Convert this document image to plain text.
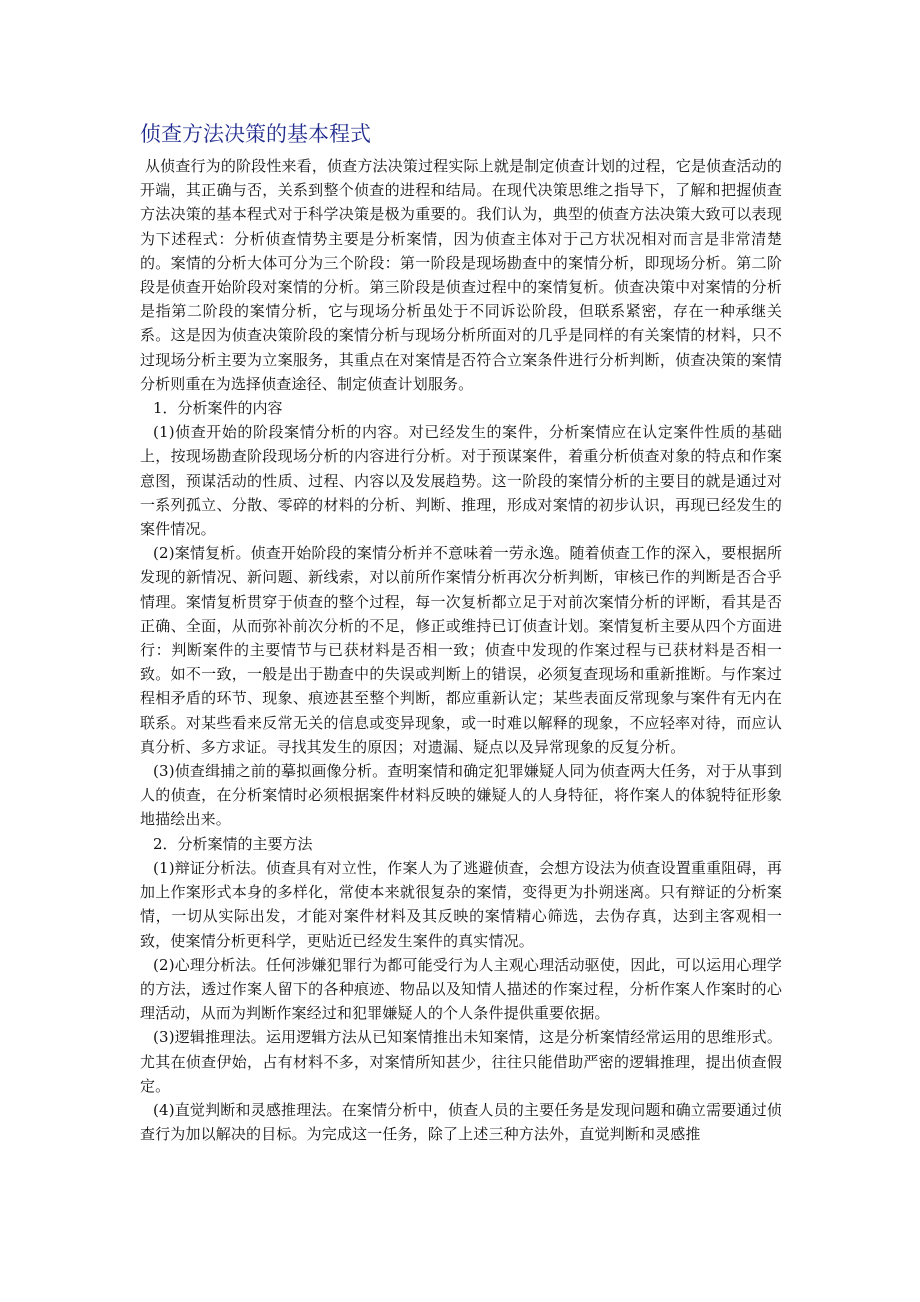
侦查方法决策的基本程式

从侦查行为的阶段性来看，侦查方法决策过程实际上就是制定侦查计划的过程，它是侦查活动的开端，其正确与否，关系到整个侦查的进程和结局。在现代决策思维之指导下，了解和把握侦查方法决策的基本程式对于科学决策是极为重要的。我们认为，典型的侦查方法决策大致可以表现为下述程式：分析侦查情势主要是分析案情，因为侦查主体对于己方状况相对而言是非常清楚的。案情的分析大体可分为三个阶段：第一阶段是现场勘查中的案情分析，即现场分析。第二阶段是侦查开始阶段对案情的分析。第三阶段是侦查过程中的案情复析。侦查决策中对案情的分析是指第二阶段的案情分析，它与现场分析虽处于不同诉讼阶段，但联系紧密，存在一种承继关系。这是因为侦查决策阶段的案情分析与现场分析所面对的几乎是同样的有关案情的材料，只不过现场分析主要为立案服务，其重点在对案情是否符合立案条件进行分析判断，侦查决策的案情分析则重在为选择侦查途径、制定侦查计划服务。

1．分析案件的内容

(1)侦查开始的阶段案情分析的内容。对已经发生的案件，分析案情应在认定案件性质的基础上，按现场勘查阶段现场分析的内容进行分析。对于预谋案件，着重分析侦查对象的特点和作案意图，预谋活动的性质、过程、内容以及发展趋势。这一阶段的案情分析的主要目的就是通过对一系列孤立、分散、零碎的材料的分析、判断、推理，形成对案情的初步认识，再现已经发生的案件情况。

(2)案情复析。侦查开始阶段的案情分析并不意味着一劳永逸。随着侦查工作的深入，要根据所发现的新情况、新问题、新线索，对以前所作案情分析再次分析判断，审核已作的判断是否合乎情理。案情复析贯穿于侦查的整个过程，每一次复析都立足于对前次案情分析的评断，看其是否正确、全面，从而弥补前次分析的不足，修正或维持已订侦查计划。案情复析主要从四个方面进行：判断案件的主要情节与已获材料是否相一致；侦查中发现的作案过程与已获材料是否相一致。如不一致，一般是出于勘查中的失误或判断上的错误，必须复查现场和重新推断。与作案过程相矛盾的环节、现象、痕迹甚至整个判断，都应重新认定；某些表面反常现象与案件有无内在联系。对某些看来反常无关的信息或变异现象，或一时难以解释的现象，不应轻率对待，而应认真分析、多方求证。寻找其发生的原因；对遗漏、疑点以及异常现象的反复分析。

(3)侦查缉捕之前的摹拟画像分析。查明案情和确定犯罪嫌疑人同为侦查两大任务，对于从事到人的侦查，在分析案情时必须根据案件材料反映的嫌疑人的人身特征，将作案人的体貌特征形象地描绘出来。

2．分析案情的主要方法

(1)辩证分析法。侦查具有对立性，作案人为了逃避侦查，会想方设法为侦查设置重重阻碍，再加上作案形式本身的多样化，常使本来就很复杂的案情，变得更为扑朔迷离。只有辩证的分析案情，一切从实际出发，才能对案件材料及其反映的案情精心筛选，去伪存真，达到主客观相一致，使案情分析更科学，更贴近已经发生案件的真实情况。

(2)心理分析法。任何涉嫌犯罪行为都可能受行为人主观心理活动驱使，因此，可以运用心理学的方法，透过作案人留下的各种痕迹、物品以及知情人描述的作案过程，分析作案人作案时的心理活动，从而为判断作案经过和犯罪嫌疑人的个人条件提供重要依据。

(3)逻辑推理法。运用逻辑方法从已知案情推出未知案情，这是分析案情经常运用的思维形式。尤其在侦查伊始，占有材料不多，对案情所知甚少，往往只能借助严密的逻辑推理，提出侦查假定。

(4)直觉判断和灵感推理法。在案情分析中，侦查人员的主要任务是发现问题和确立需要通过侦查行为加以解决的目标。为完成这一任务，除了上述三种方法外，直觉判断和灵感推
